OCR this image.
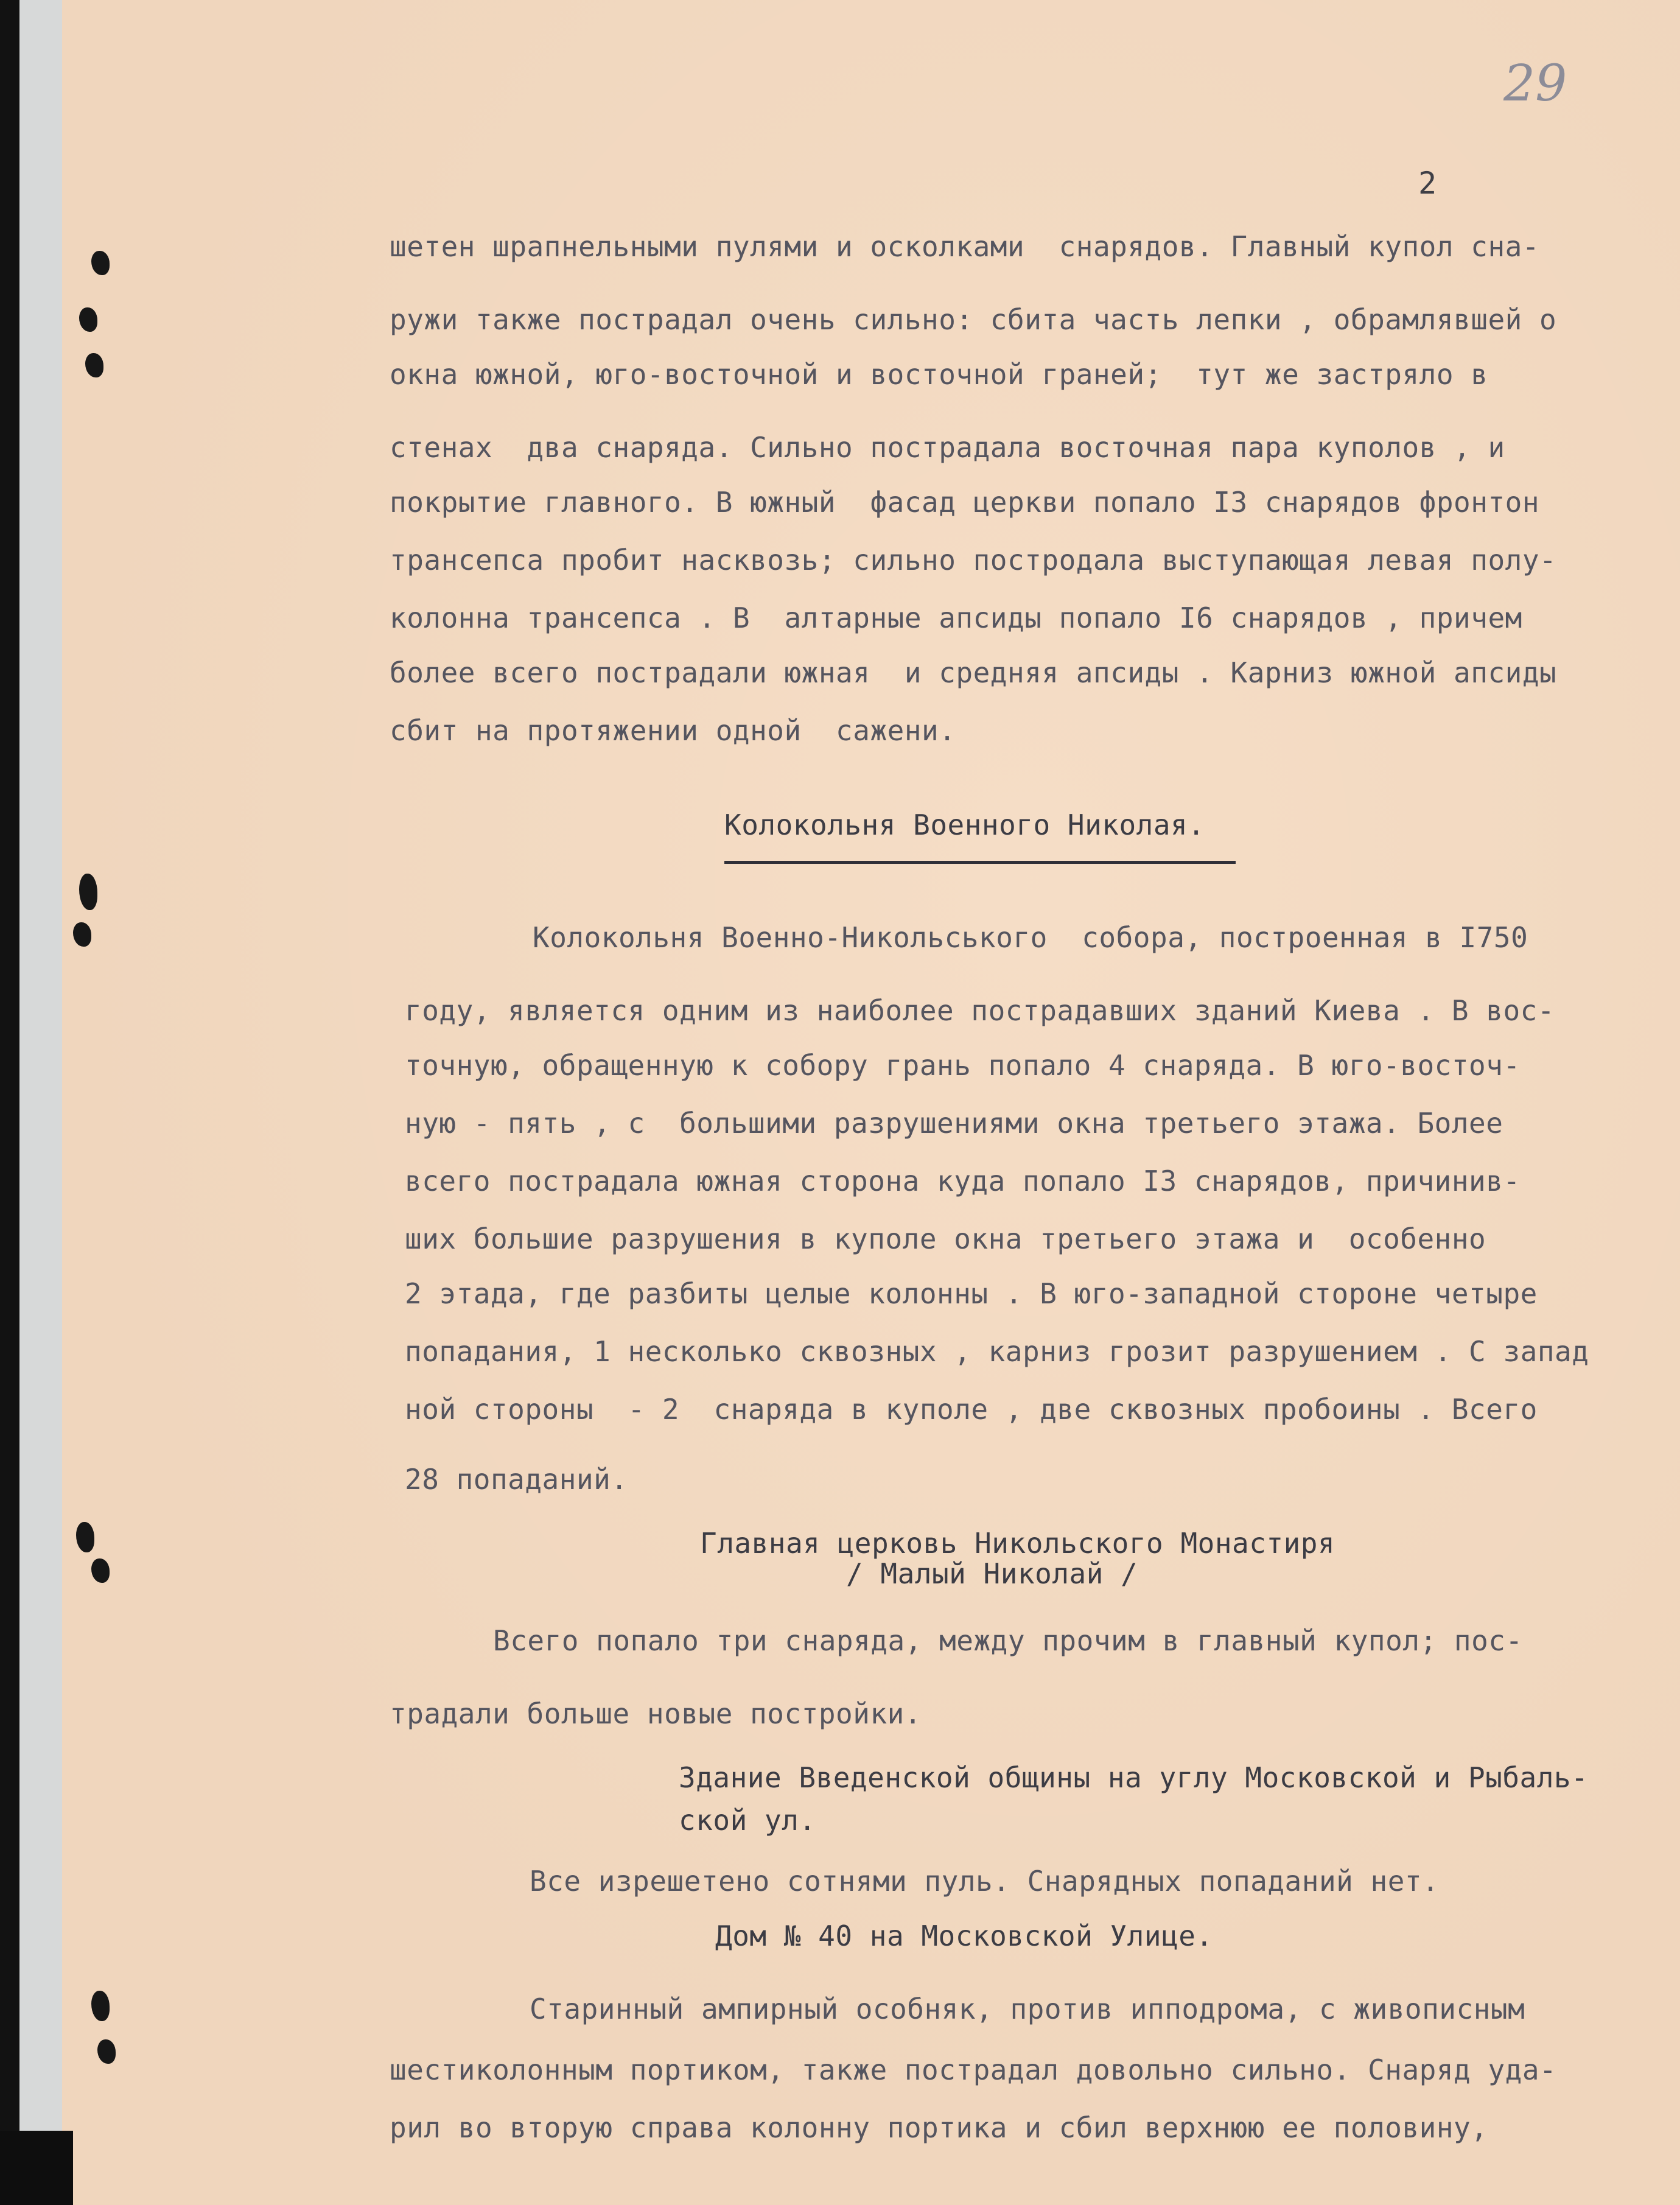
29
2
шетен шрапнельными пулями и осколками  снарядов. Главный купол сна-
ружи также пострадал очень сильно: сбита часть лепки , обрамлявшей о
окна южной, юго-восточной и восточной граней;  тут же застряло в
стенах  два снаряда. Сильно пострадала восточная пара куполов , и
покрытие главного. В южный  фасад церкви попало I3 снарядов фронтон
трансепса пробит насквозь; сильно постродала выступающая левая полу-
колонна трансепса . В  алтарные апсиды попало I6 снарядов , причем
более всего пострадали южная  и средняя апсиды . Карниз южной апсиды
сбит на протяжении одной  сажени.
Колокольня Военного Николая.
Колокольня Военно-Никольського  собора, построенная в I750
году, является одним из наиболее пострадавших зданий Киева . В вос-
точную, обращенную к собору грань попало 4 снаряда. В юго-восточ-
ную - пять , с  большими разрушениями окна третьего этажа. Более
всего пострадала южная сторона куда попало I3 снарядов, причинив-
ших большие разрушения в куполе окна третьего этажа и  особенно
2 этада, где разбиты целые колонны . В юго-западной стороне четыре
попадания, 1 несколько сквозных , карниз грозит разрушением . С запад
ной стороны  - 2  снаряда в куполе , две сквозных пробоины . Всего
28 попаданий.
Главная церковь Никольского Монастиря
/ Малый Николай /
Всего попало три снаряда, между прочим в главный купол; пос-
традали больше новые постройки.
Здание Введенской общины на углу Московской и Рыбаль-
ской ул.
Все изрешетено сотнями пуль. Снарядных попаданий нет.
Дом № 40 на Московской Улице.
Старинный ампирный особняк, против ипподрома, с живописным
шестиколонным портиком, также пострадал довольно сильно. Снаряд уда-
рил во вторую справа колонну портика и сбил верхнюю ее половину,
